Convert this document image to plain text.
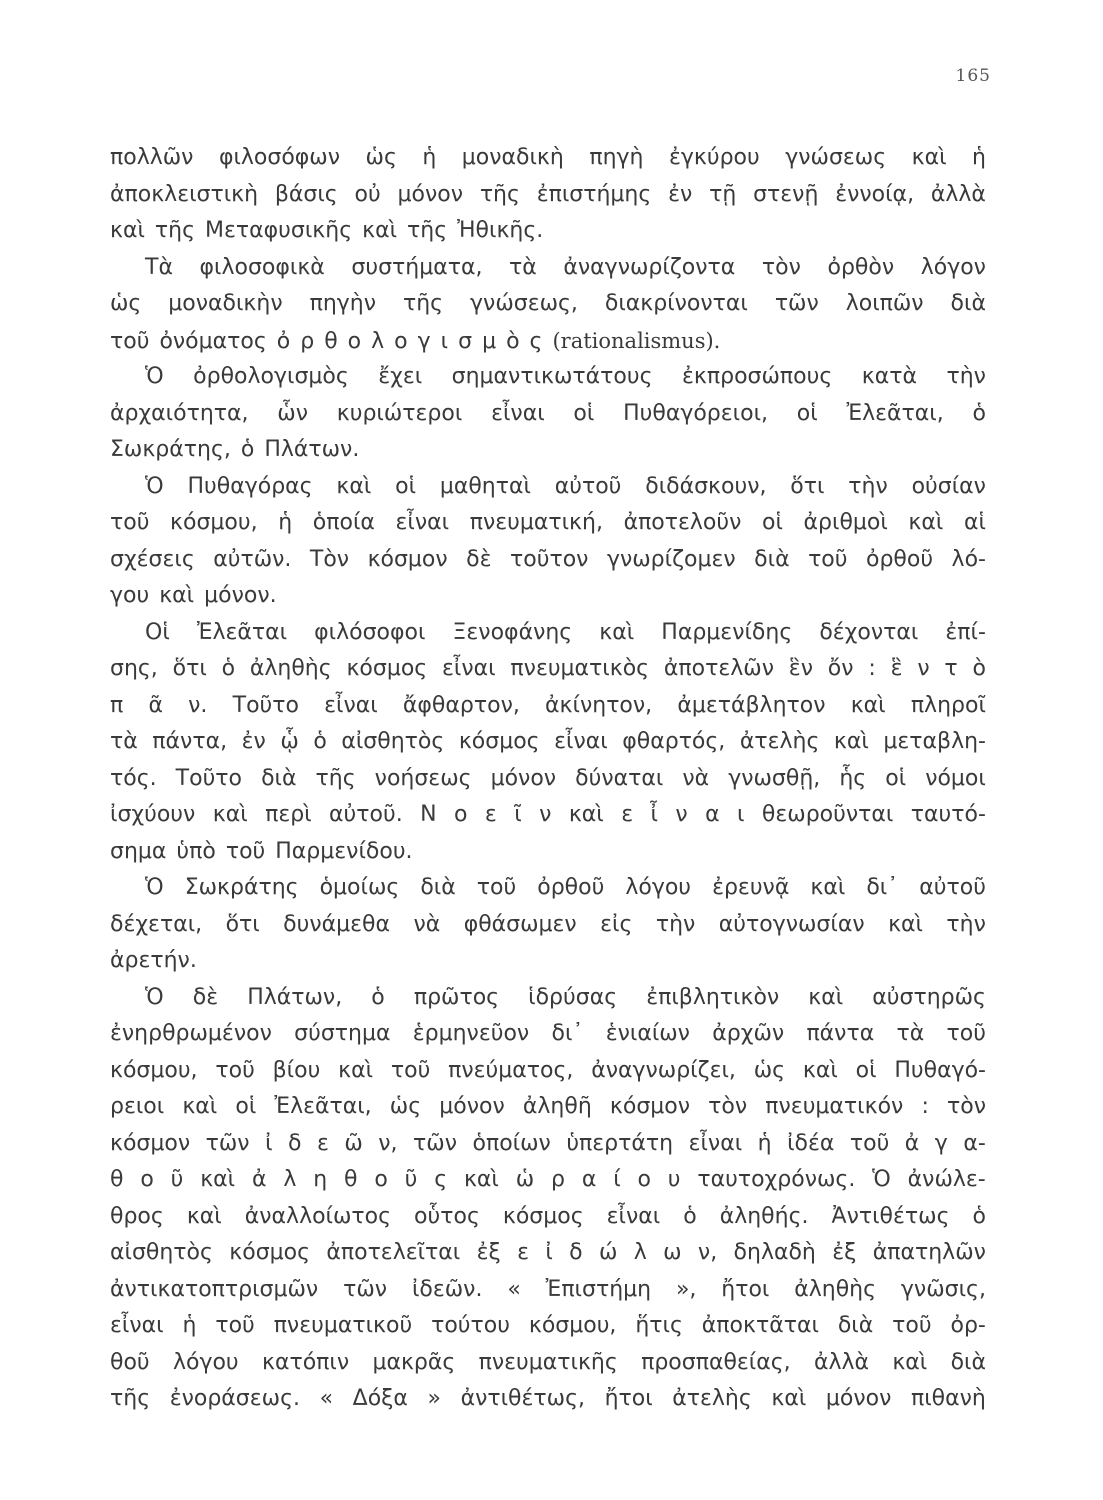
165
πολλῶν φιλοσόφων ὡς ἡ μοναδικὴ πηγὴ ἐγκύρου γνώσεως καὶ ἡ
ἀποκλειστικὴ βάσις οὐ μόνον τῆς ἐπιστήμης ἐν τῇ στενῇ ἐννοίᾳ, ἀλλὰ
καὶ τῆς Μεταφυσικῆς καὶ τῆς Ἠθικῆς.
Τὰ φιλοσοφικὰ συστήματα, τὰ ἀναγνωρίζοντα τὸν ὀρθὸν λόγον
ὡς μοναδικὴν πηγὴν τῆς γνώσεως, διακρίνονται τῶν λοιπῶν διὰ
τοῦ ὀνόματος ὀ ρ θ ο λ ο γ ι σ μ ὸ ς (rationalismus).
Ὁ ὀρθολογισμὸς ἔχει σημαντικωτάτους ἐκπροσώπους κατὰ τὴν
ἀρχαιότητα, ὧν κυριώτεροι εἶναι οἱ Πυθαγόρειοι, οἱ Ἐλεᾶται, ὁ
Σωκράτης, ὁ Πλάτων.
Ὁ Πυθαγόρας καὶ οἱ μαθηταὶ αὐτοῦ διδάσκουν, ὅτι τὴν οὐσίαν
τοῦ κόσμου, ἡ ὁποία εἶναι πνευματική, ἀποτελοῦν οἱ ἀριθμοὶ καὶ αἱ
σχέσεις αὐτῶν. Τὸν κόσμον δὲ τοῦτον γνωρίζομεν διὰ τοῦ ὀρθοῦ λό-
γου καὶ μόνον.
Οἱ Ἐλεᾶται φιλόσοφοι Ξενοφάνης καὶ Παρμενίδης δέχονται ἐπί-
σης, ὅτι ὁ ἀληθὴς κόσμος εἶναι πνευματικὸς ἀποτελῶν ἓν ὄν : ἓ ν τ ὸ
π ᾶ ν. Τοῦτο εἶναι ἄφθαρτον, ἀκίνητον, ἀμετάβλητον καὶ πληροῖ
τὰ πάντα, ἐν ᾧ ὁ αἰσθητὸς κόσμος εἶναι φθαρτός, ἀτελὴς καὶ μεταβλη-
τός. Τοῦτο διὰ τῆς νοήσεως μόνον δύναται νὰ γνωσθῇ, ἧς οἱ νόμοι
ἰσχύουν καὶ περὶ αὐτοῦ. Ν ο ε ῖ ν καὶ ε ἶ ν α ι θεωροῦνται ταυτό-
σημα ὑπὸ τοῦ Παρμενίδου.
Ὁ Σωκράτης ὁμοίως διὰ τοῦ ὀρθοῦ λόγου ἐρευνᾷ καὶ δι᾿ αὐτοῦ
δέχεται, ὅτι δυνάμεθα νὰ φθάσωμεν εἰς τὴν αὐτογνωσίαν καὶ τὴν
ἀρετήν.
Ὁ δὲ Πλάτων, ὁ πρῶτος ἱδρύσας ἐπιβλητικὸν καὶ αὐστηρῶς
ἐνηρθρωμένον σύστημα ἑρμηνεῦον δι᾿ ἑνιαίων ἀρχῶν πάντα τὰ τοῦ
κόσμου, τοῦ βίου καὶ τοῦ πνεύματος, ἀναγνωρίζει, ὡς καὶ οἱ Πυθαγό-
ρειοι καὶ οἱ Ἐλεᾶται, ὡς μόνον ἀληθῆ κόσμον τὸν πνευματικόν : τὸν
κόσμον τῶν ἰ δ ε ῶ ν, τῶν ὁποίων ὑπερτάτη εἶναι ἡ ἰδέα τοῦ ἀ γ α-
θ ο ῦ καὶ ἀ λ η θ ο ῦ ς καὶ ὡ ρ α ί ο υ ταυτοχρόνως. Ὁ ἀνώλε-
θρος καὶ ἀναλλοίωτος οὗτος κόσμος εἶναι ὁ ἀληθής. Ἀντιθέτως ὁ
αἰσθητὸς κόσμος ἀποτελεῖται ἐξ ε ἰ δ ώ λ ω ν, δηλαδὴ ἐξ ἀπατηλῶν
ἀντικατοπτρισμῶν τῶν ἰδεῶν. « Ἐπιστήμη », ἤτοι ἀληθὴς γνῶσις,
εἶναι ἡ τοῦ πνευματικοῦ τούτου κόσμου, ἥτις ἀποκτᾶται διὰ τοῦ ὀρ-
θοῦ λόγου κατόπιν μακρᾶς πνευματικῆς προσπαθείας, ἀλλὰ καὶ διὰ
τῆς ἐνοράσεως. « Δόξα » ἀντιθέτως, ἤτοι ἀτελὴς καὶ μόνον πιθανὴ
